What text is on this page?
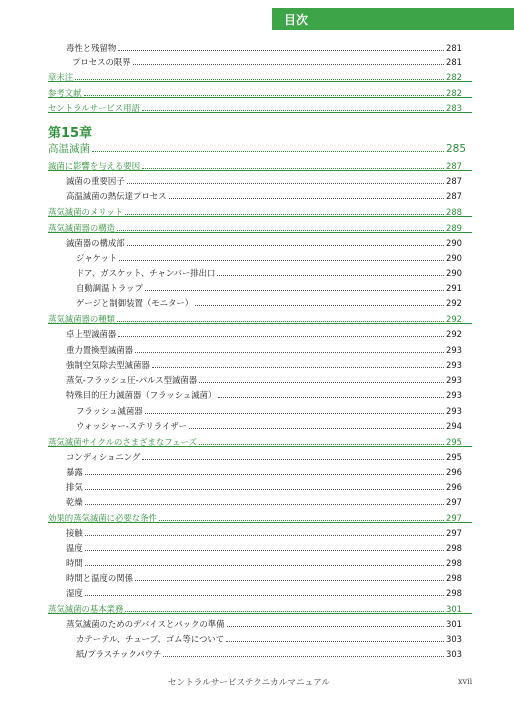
目次
第15章
毒性と残留物	281
プロセスの限界	281
章末注	282
参考文献	282
セントラルサービス用語	283
高温滅菌	285
滅菌に影響を与える要因	287
滅菌の重要因子	287
高温滅菌の熱伝達プロセス	287
蒸気滅菌のメリット	288
蒸気滅菌器の構造	289
滅菌器の構成部	290
ジャケット	290
ドア、ガスケット、チャンバー排出口	290
自動調温トラップ	291
ゲージと制御装置（モニター）	292
蒸気滅菌器の種類	292
卓上型滅菌器	292
重力置換型滅菌器	293
強制空気除去型滅菌器	293
蒸気-フラッシュ圧-パルス型滅菌器	293
特殊目的圧力滅菌器（フラッシュ滅菌）	293
フラッシュ滅菌器	293
ウォッシャー-ステリライザー	294
蒸気滅菌サイクルのさまざまなフェーズ	295
コンディショニング	295
暴露	296
排気	296
乾燥	297
効果的蒸気滅菌に必要な条件	297
接触	297
温度	298
時間	298
時間と温度の関係	298
湿度	298
蒸気滅菌の基本業務	301
蒸気滅菌のためのデバイスとパックの準備	301
カテーテル、チューブ、ゴム等について	303
紙/プラスチックパウチ	303
セントラルサービステクニカルマニュアル	xvii
